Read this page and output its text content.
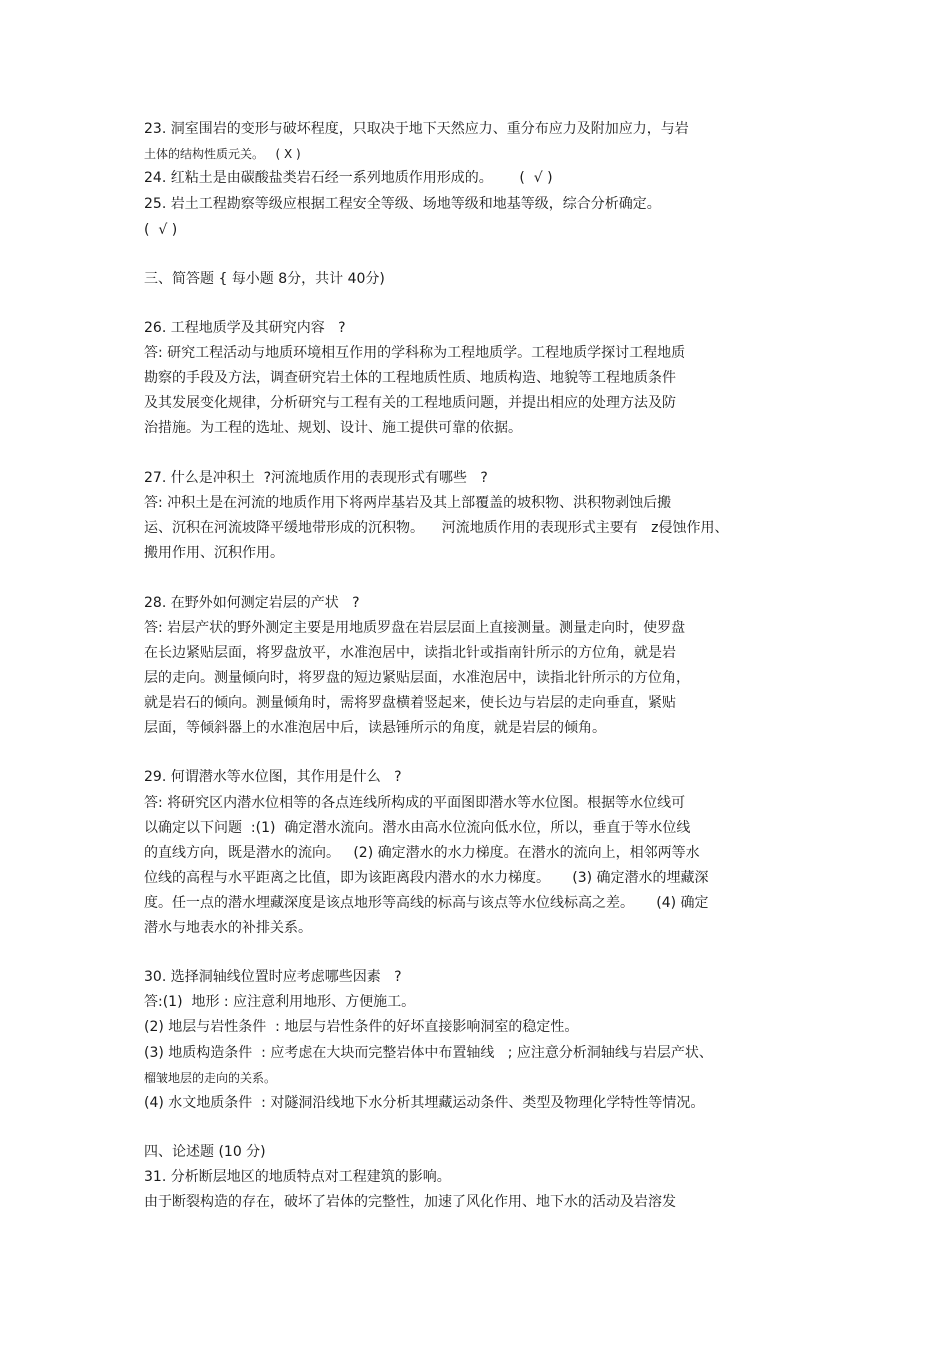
23. 洞室围岩的变形与破坏程度，只取决于地下天然应力、重分布应力及附加应力，与岩
土体的结构性质元关。   ( X )
24. 红粘土是由碳酸盐类岩石经一系列地质作用形成的。      (  √ )
25. 岩土工程勘察等级应根据工程安全等级、场地等级和地基等级，综合分析确定。
(  √ )
三、简答题 { 每小题 8分，共计 40分)
26. 工程地质学及其研究内容   ?
答: 研究工程活动与地质环境相互作用的学科称为工程地质学。工程地质学探讨工程地质
勘察的手段及方法，调查研究岩土体的工程地质性质、地质构造、地貌等工程地质条件
及其发展变化规律，分析研究与工程有关的工程地质问题，并提出相应的处理方法及防
治措施。为工程的选址、规划、设计、施工提供可靠的依据。
27. 什么是冲积土  ?河流地质作用的表现形式有哪些   ?
答: 冲积土是在河流的地质作用下将两岸基岩及其上部覆盖的坡积物、洪积物剥蚀后搬
运、沉积在河流坡降平缓地带形成的沉积物。    河流地质作用的表现形式主要有   z侵蚀作用、
搬用作用、沉积作用。
28. 在野外如何测定岩层的产状   ?
答: 岩层产状的野外测定主要是用地质罗盘在岩层层面上直接测量。测量走向时，使罗盘
在长边紧贴层面，将罗盘放平，水准泡居中，读指北针或指南针所示的方位角，就是岩
层的走向。测量倾向时，将罗盘的短边紧贴层面，水准泡居中，读指北针所示的方位角，
就是岩石的倾向。测量倾角时，需将罗盘横着竖起来，使长边与岩层的走向垂直，紧贴
层面，等倾斜器上的水准泡居中后，读悬锤所示的角度，就是岩层的倾角。
29. 何谓潜水等水位图，其作用是什么   ?
答: 将研究区内潜水位相等的各点连线所构成的平面图即潜水等水位图。根据等水位线可
以确定以下问题  :(1)  确定潜水流向。潜水由高水位流向低水位，所以，垂直于等水位线
的直线方向，既是潜水的流向。   (2) 确定潜水的水力梯度。在潜水的流向上，相邻两等水
位线的高程与水平距离之比值，即为该距离段内潜水的水力梯度。     (3) 确定潜水的埋藏深
度。任一点的潜水埋藏深度是该点地形等高线的标高与该点等水位线标高之差。     (4) 确定
潜水与地表水的补排关系。
30. 选择洞轴线位置时应考虑哪些因素   ?
答:(1)  地形 : 应注意利用地形、方便施工。
(2) 地层与岩性条件  : 地层与岩性条件的好坏直接影响洞室的稳定性。
(3) 地质构造条件  : 应考虑在大块而完整岩体中布置轴线   ; 应注意分析洞轴线与岩层产状、
榴皱地层的走向的关系。
(4) 水文地质条件  : 对隧洞沿线地下水分析其埋藏运动条件、类型及物理化学特性等情况。
四、论述题 (10 分)
31. 分析断层地区的地质特点对工程建筑的影响。
由于断裂构造的存在，破坏了岩体的完整性，加速了风化作用、地下水的活动及岩溶发
